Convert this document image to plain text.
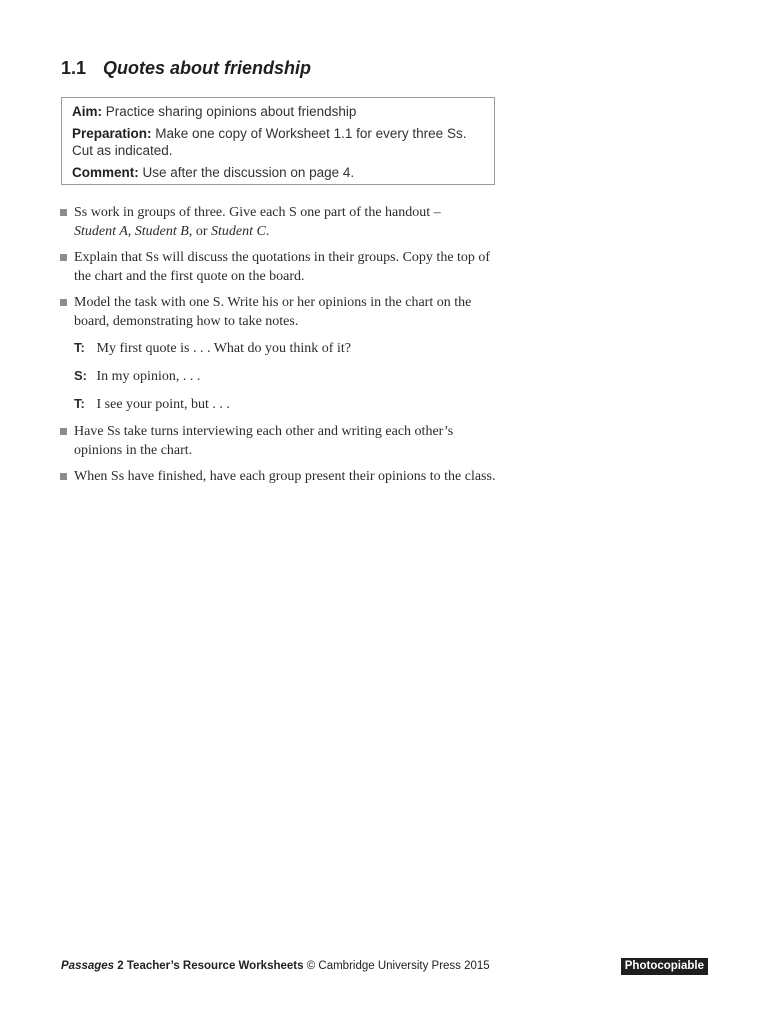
1.1 Quotes about friendship
Aim: Practice sharing opinions about friendship
Preparation: Make one copy of Worksheet 1.1 for every three Ss.
Cut as indicated.
Comment: Use after the discussion on page 4.
Ss work in groups of three. Give each S one part of the handout –
Student A, Student B, or Student C.
Explain that Ss will discuss the quotations in their groups. Copy the top of the chart and the first quote on the board.
Model the task with one S. Write his or her opinions in the chart on the board, demonstrating how to take notes.
T: My first quote is . . . What do you think of it?
S: In my opinion, . . .
T: I see your point, but . . .
Have Ss take turns interviewing each other and writing each other’s opinions in the chart.
When Ss have finished, have each group present their opinions to the class.
Passages 2 Teacher’s Resource Worksheets © Cambridge University Press 2015	Photocopiable
